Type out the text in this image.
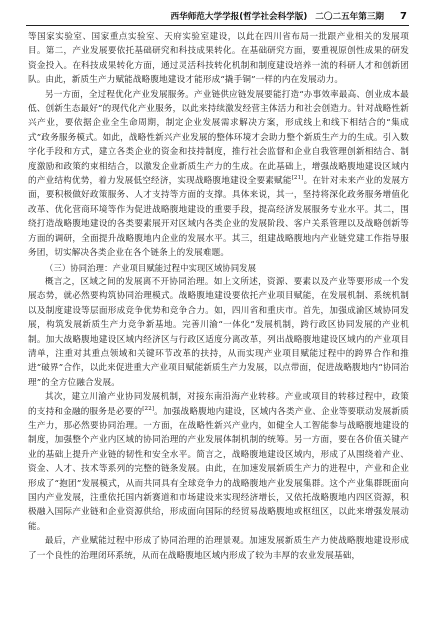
西华师范大学学报(哲学社会科学版) 二〇二五年第三期 7

等国家实验室、国家重点实验室、天府实验室建设，以此在四川省布局一批跟产业相关的发展项目。第二，产业发展要依托基础研究和科技成果转化。在基础研究方面，要重视原创性成果的研发资金投入。在科技成果转化方面，通过灵活科技转化机制和制度建设培养一流的科研人才和创新团队。由此，新质生产力赋能战略腹地建设才能形成“撬手铜”一样的内在发展动力。

另一方面，全过程优化产业发展服务。产业链供应链发展要能打造“办事效率最高、创业成本最低、创新生态最好”的现代化产业服务，以此来持续激发经营主体活力和社会创造力。针对战略性新兴产业，要依据企业全生命周期，制定企业发展需求解决方案，形成线上和线下相结合的“集成式”政务服务模式。如此，战略性新兴产业发展的整体环境才会助力整个新质生产力的生成。引入数字化手段和方式，建立各类企业的资金和技持制度，推行社会监督和企业自我管理创新相结合、制度激励和政策约束相结合，以激发企业新质生产力的生成。在此基础上，增强战略腹地建设区域内的产业结构优势，着力发展低空经济，实现战略腹地建设全要素赋能[21]。在针对未来产业的发展方面，要积极做好政策服务、人才支持等方面的支撑。具体来说，其一，坚持将深化政务服务增值化改革、优化营商环境等作为促进战略腹地建设的重要手段，提高经济发展服务专业水平。其二，围绕打造战略腹地建设的各类要素展开对区域内各类企业的发展阶段、客户关系管理以及战略创新等方面的调研，全面提升战略腹地内企业的发展水平。其三，组建战略腹地内产业链党建工作指导服务团，切实解决各类企业在各个链条上的发展难题。

（三）协同治理：产业项目赋能过程中实现区域协同发展

概言之，区域之间的发展离不开协同治理。如上文所述，资源、要素以及产业等要形成一个发展态势，就必然要构筑协同治理模式。战略腹地建设要依托产业项目赋能，在发展机制、系统机制以及制度建设等层面形成竞争优势和竞争合力。如，四川省和重庆市。首先，加强成渝区域协同发展，构筑发展新质生产力竞争新基地。完善川渝“一体化”发展机制，跨行政区协同发展的产业机制。加大战略腹地建设区域内经济区与行政区适度分离改革，列出战略腹地建设区域内的产业项目清单，注重对其重点领域和关键环节改革的扶持，从而实现产业项目赋能过程中的跨界合作和推进“破界”合作，以此来促进重大产业项目赋能新质生产力发展，以点带面，促进战略腹地内“协同治理”的全方位融合发展。

其次，建立川渝产业协同发展机制，对接东南沿海产业转移。产业或项目的转移过程中，政策的支持和金融的服务是必要的[22]。加强战略腹地内建设，区域内各类产业、企业等要联动发展新质生产力，那必然要协同治理。一方面，在战略性新兴产业内，如健全人工智能参与战略腹地建设的制度，加强整个产业内区域的协同治理的产业发展体制机制的统筹。另一方面，要在各价值关键产业的基础上提升产业链的韧性和安全水平。简言之，战略腹地建设区域内，形成了从围绕着产业、资金、人才、技术等系列的完整的链条发展。由此，在加速发展新质生产力的进程中，产业和企业形成了“抱团”发展模式，从而共同具有全球竞争力的战略腹地产业发展集群。这个产业集群既面向国内产业发展，注重依托国内新赛道和市场建设来实现经济增长，又依托战略腹地内四区资源，积极融入国际产业链和企业资源供给，形成面向国际的经贸易战略腹地或枢纽区，以此来增强发展动能。

最后，产业赋能过程中形成了协同治理的治理景观。加速发展新质生产力使战略腹地建设形成了一个良性的治理闭环系统，从而在战略腹地区域内形成了较为丰厚的农业发展基础，
